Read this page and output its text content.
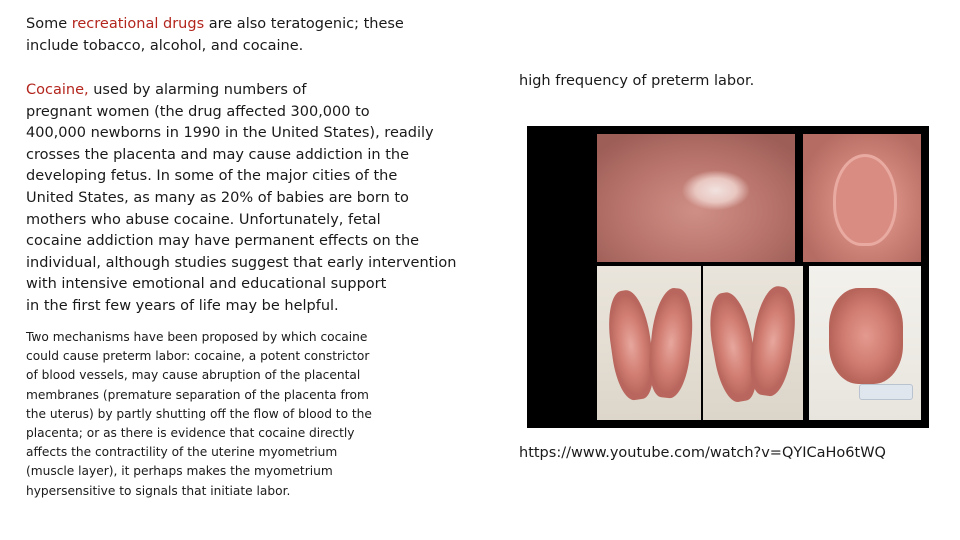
Some recreational drugs are also teratogenic; these
include tobacco, alcohol, and cocaine.

Cocaine, used by alarming numbers of
pregnant women (the drug affected 300,000 to
400,000 newborns in 1990 in the United States), readily
crosses the placenta and may cause addiction in the
developing fetus. In some of the major cities of the
United States, as many as 20% of babies are born to
mothers who abuse cocaine. Unfortunately, fetal
cocaine addiction may have permanent effects on the
individual, although studies suggest that early intervention
with intensive emotional and educational support
in the first few years of life may be helpful.

Two mechanisms have been proposed by which cocaine
could cause preterm labor: cocaine, a potent constrictor
of blood vessels, may cause abruption of the placental
membranes (premature separation of the placenta from
the uterus) by partly shutting off the flow of blood to the
placenta; or as there is evidence that cocaine directly
affects the contractility of the uterine myometrium
(muscle layer), it perhaps makes the myometrium
hypersensitive to signals that initiate labor.

high frequency of preterm labor.

https://www.youtube.com/watch?v=QYICaHo6tWQ
